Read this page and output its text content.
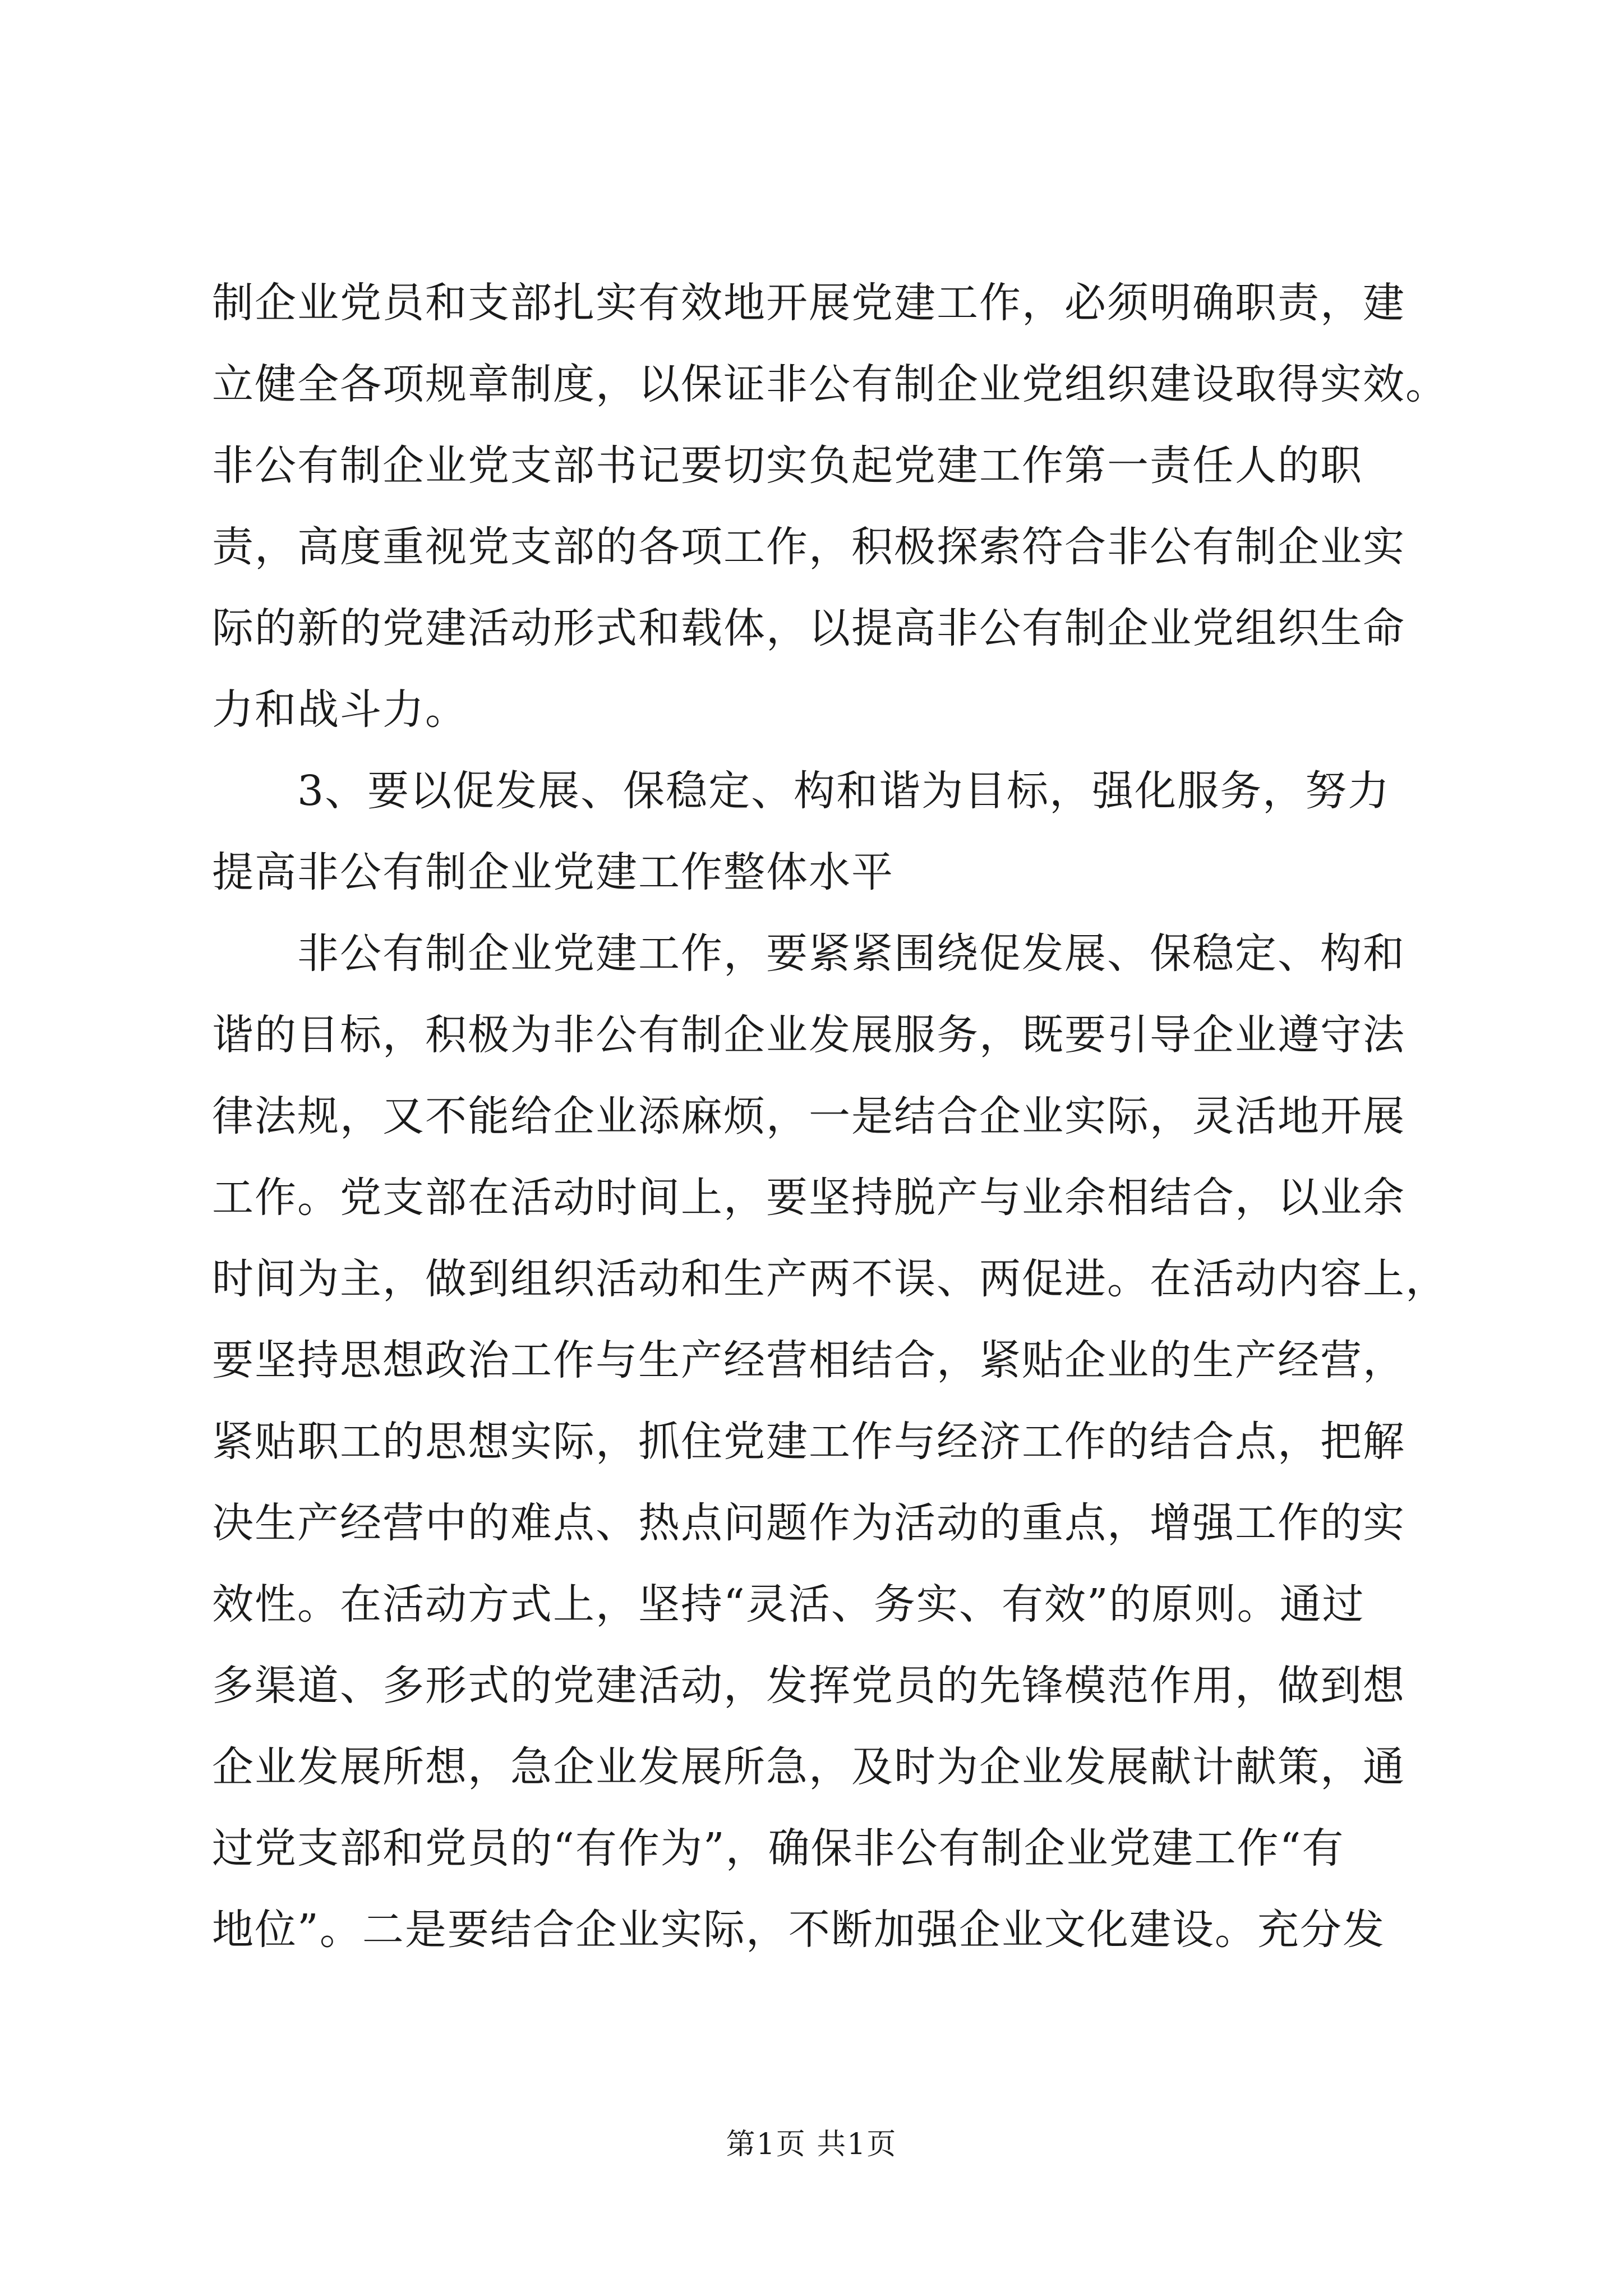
制企业党员和支部扎实有效地开展党建工作，必须明确职责，建
立健全各项规章制度，以保证非公有制企业党组织建设取得实效。
非公有制企业党支部书记要切实负起党建工作第一责任人的职
责，高度重视党支部的各项工作，积极探索符合非公有制企业实
际的新的党建活动形式和载体，以提高非公有制企业党组织生命
力和战斗力。
　　3、要以促发展、保稳定、构和谐为目标，强化服务，努力
提高非公有制企业党建工作整体水平
　　非公有制企业党建工作，要紧紧围绕促发展、保稳定、构和
谐的目标，积极为非公有制企业发展服务，既要引导企业遵守法
律法规，又不能给企业添麻烦，一是结合企业实际，灵活地开展
工作。党支部在活动时间上，要坚持脱产与业余相结合，以业余
时间为主，做到组织活动和生产两不误、两促进。在活动内容上，
要坚持思想政治工作与生产经营相结合，紧贴企业的生产经营，
紧贴职工的思想实际，抓住党建工作与经济工作的结合点，把解
决生产经营中的难点、热点问题作为活动的重点，增强工作的实
效性。在活动方式上，坚持“灵活、务实、有效”的原则。通过
多渠道、多形式的党建活动，发挥党员的先锋模范作用，做到想
企业发展所想，急企业发展所急，及时为企业发展献计献策，通
过党支部和党员的“有作为”，确保非公有制企业党建工作“有
地位”。二是要结合企业实际，不断加强企业文化建设。充分发
第1页 共1页
